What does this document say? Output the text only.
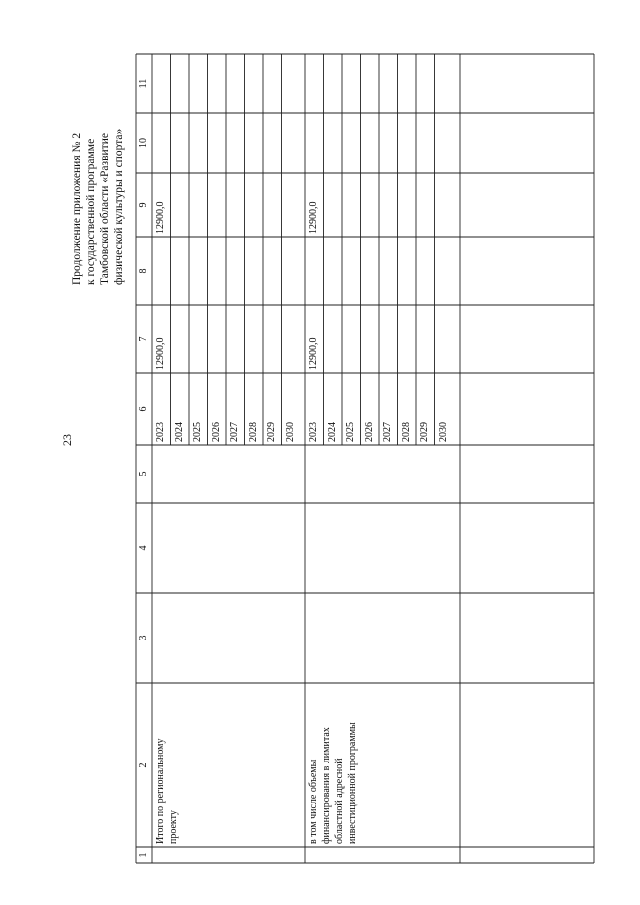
23
Продолжение приложения № 2 к государственной программе Тамбовской области «Развитие физической культуры и спорта»
1
2
3
4
5
6
7
8
9
10
11
Итого по региональному проекту
2023 2024 2025 2026 2027 2028 2029 2030
12900,0
12900,0
в том числе объемы финансирования в лимитах областной адресной инвестиционной программы
2023 2024 2025 2026 2027 2028 2029 2030
12900,0
12900,0
